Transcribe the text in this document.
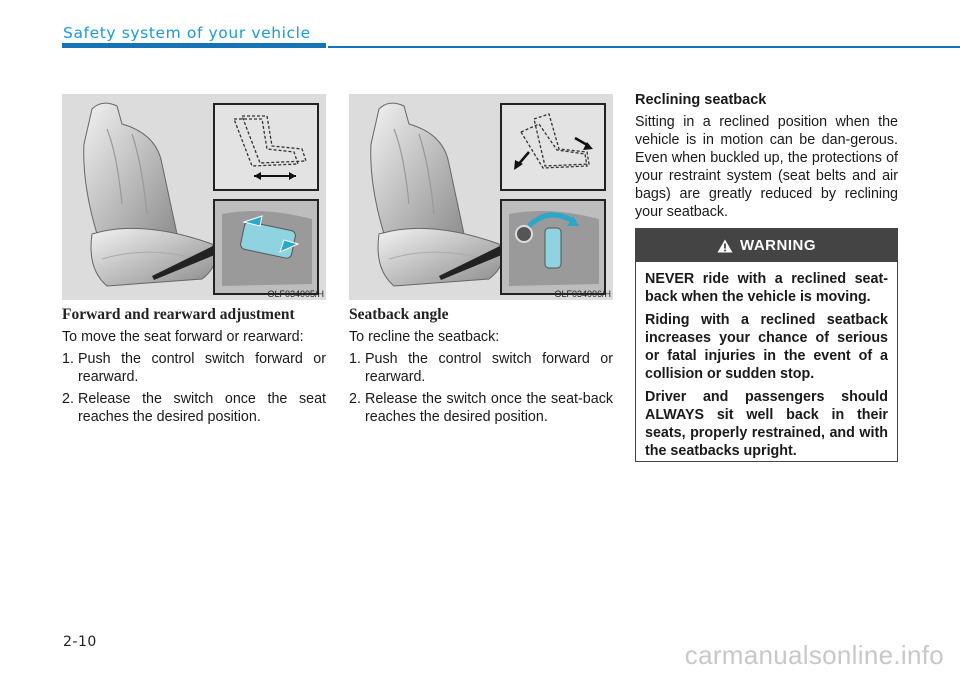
Safety system of your vehicle
OLF034005/H	OLF034006/H
Forward and rearward adjustment

To move the seat forward or rearward:

1. Push the control switch forward or rearward.
2. Release the switch once the seat reaches the desired position.
Seatback angle

To recline the seatback:

1. Push the control switch forward or rearward.
2. Release the switch once the seat-back reaches the desired position.
Reclining seatback

Sitting in a reclined position when the vehicle is in motion can be dan-gerous. Even when buckled up, the protections of your restraint system (seat belts and air bags) are greatly reduced by reclining your seatback.

WARNING

NEVER ride with a reclined seat-back when the vehicle is moving.

Riding with a reclined seatback increases your chance of serious or fatal injuries in the event of a collision or sudden stop.

Driver and passengers should ALWAYS sit well back in their seats, properly restrained, and with the seatbacks upright.

2-10	carmanualsonline.info
